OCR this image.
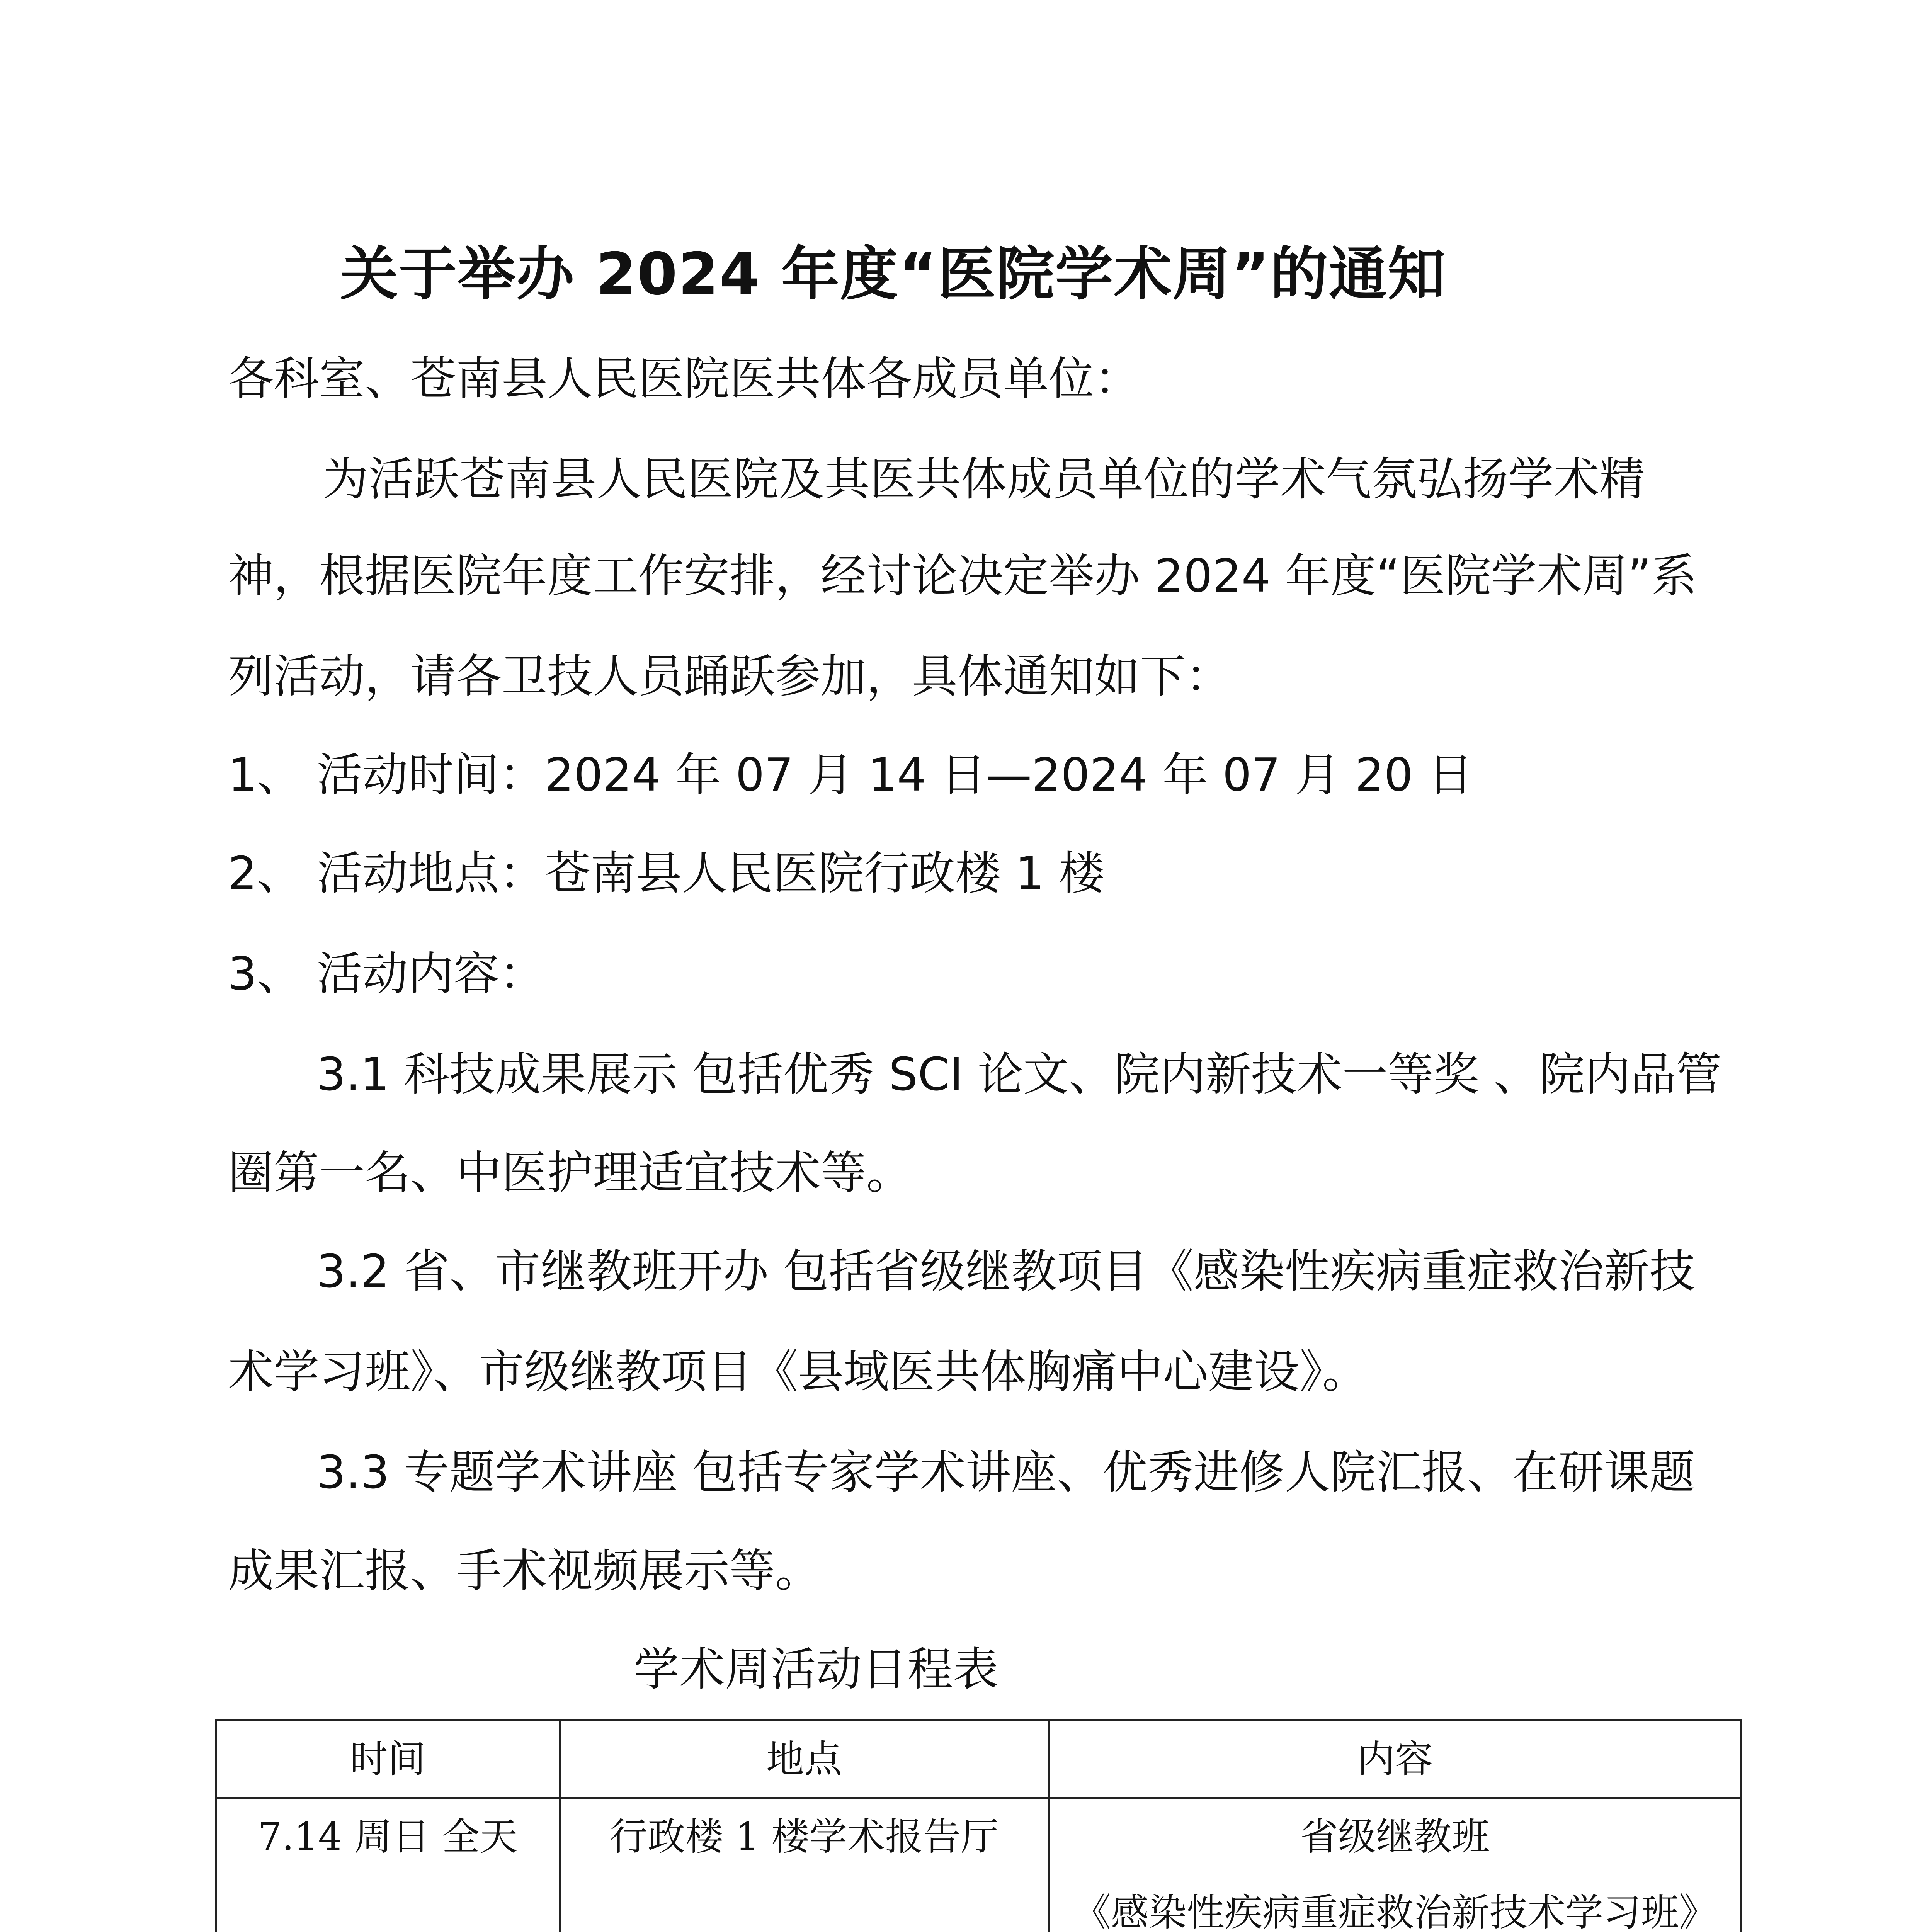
关于举办 2024 年度“医院学术周”的通知
各科室、苍南县人民医院医共体各成员单位：
为活跃苍南县人民医院及其医共体成员单位的学术气氛弘扬学术精
神，根据医院年度工作安排，经讨论决定举办 2024 年度“医院学术周”系
列活动，请各卫技人员踊跃参加，具体通知如下：
1、 活动时间：2024 年 07 月 14 日—2024 年 07 月 20 日
2、 活动地点：苍南县人民医院行政楼 1 楼
3、 活动内容：
3.1 科技成果展示 包括优秀 SCI 论文、院内新技术一等奖 、院内品管
圈第一名、中医护理适宜技术等。
3.2 省、市继教班开办 包括省级继教项目《感染性疾病重症救治新技
术学习班》、市级继教项目《县域医共体胸痛中心建设》。
3.3 专题学术讲座 包括专家学术讲座、优秀进修人院汇报、在研课题
成果汇报、手术视频展示等。
学术周活动日程表
时间	地点	内容

7.14 周日 全天	行政楼 1 楼学术报告厅	省级继教班
《感染性疾病重症救治新技术学习班》
